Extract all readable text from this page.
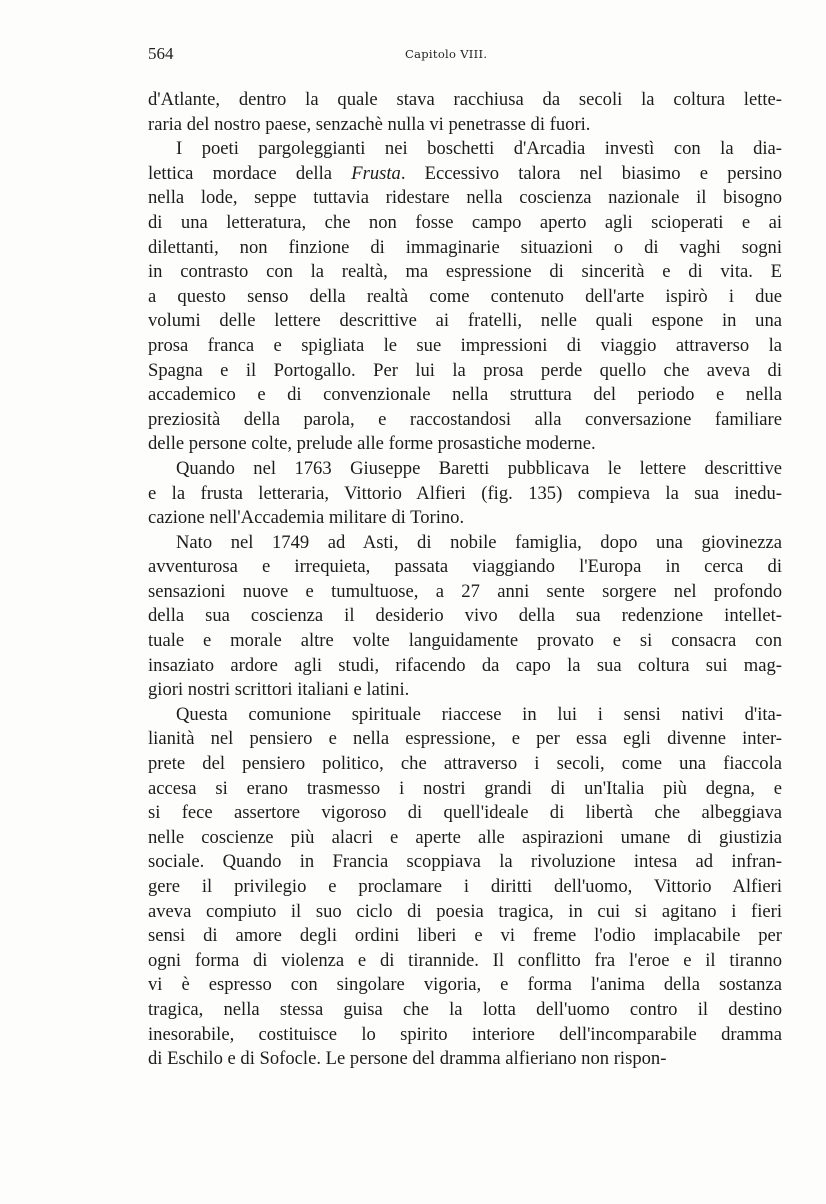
564	Capitolo VIII.
d'Atlante, dentro la quale stava racchiusa da secoli la coltura lette-
raria del nostro paese, senzachè nulla vi penetrasse di fuori.
I poeti pargoleggianti nei boschetti d'Arcadia investì con la dia-
lettica mordace della Frusta. Eccessivo talora nel biasimo e persino
nella lode, seppe tuttavia ridestare nella coscienza nazionale il bisogno
di una letteratura, che non fosse campo aperto agli scioperati e ai
dilettanti, non finzione di immaginarie situazioni o di vaghi sogni
in contrasto con la realtà, ma espressione di sincerità e di vita. E
a questo senso della realtà come contenuto dell'arte ispirò i due
volumi delle lettere descrittive ai fratelli, nelle quali espone in una
prosa franca e spigliata le sue impressioni di viaggio attraverso la
Spagna e il Portogallo. Per lui la prosa perde quello che aveva di
accademico e di convenzionale nella struttura del periodo e nella
preziosità della parola, e raccostandosi alla conversazione familiare
delle persone colte, prelude alle forme prosastiche moderne.
Quando nel 1763 Giuseppe Baretti pubblicava le lettere descrittive
e la frusta letteraria, Vittorio Alfieri (fig. 135) compieva la sua inedu-
cazione nell'Accademia militare di Torino.
Nato nel 1749 ad Asti, di nobile famiglia, dopo una giovinezza
avventurosa e irrequieta, passata viaggiando l'Europa in cerca di
sensazioni nuove e tumultuose, a 27 anni sente sorgere nel profondo
della sua coscienza il desiderio vivo della sua redenzione intellet-
tuale e morale altre volte languidamente provato e si consacra con
insaziato ardore agli studi, rifacendo da capo la sua coltura sui mag-
giori nostri scrittori italiani e latini.
Questa comunione spirituale riaccese in lui i sensi nativi d'ita-
lianità nel pensiero e nella espressione, e per essa egli divenne inter-
prete del pensiero politico, che attraverso i secoli, come una fiaccola
accesa si erano trasmesso i nostri grandi di un'Italia più degna, e
si fece assertore vigoroso di quell'ideale di libertà che albeggiava
nelle coscienze più alacri e aperte alle aspirazioni umane di giustizia
sociale. Quando in Francia scoppiava la rivoluzione intesa ad infran-
gere il privilegio e proclamare i diritti dell'uomo, Vittorio Alfieri
aveva compiuto il suo ciclo di poesia tragica, in cui si agitano i fieri
sensi di amore degli ordini liberi e vi freme l'odio implacabile per
ogni forma di violenza e di tirannide. Il conflitto fra l'eroe e il tiranno
vi è espresso con singolare vigoria, e forma l'anima della sostanza
tragica, nella stessa guisa che la lotta dell'uomo contro il destino
inesorabile, costituisce lo spirito interiore dell'incomparabile dramma
di Eschilo e di Sofocle. Le persone del dramma alfieriano non rispon-
